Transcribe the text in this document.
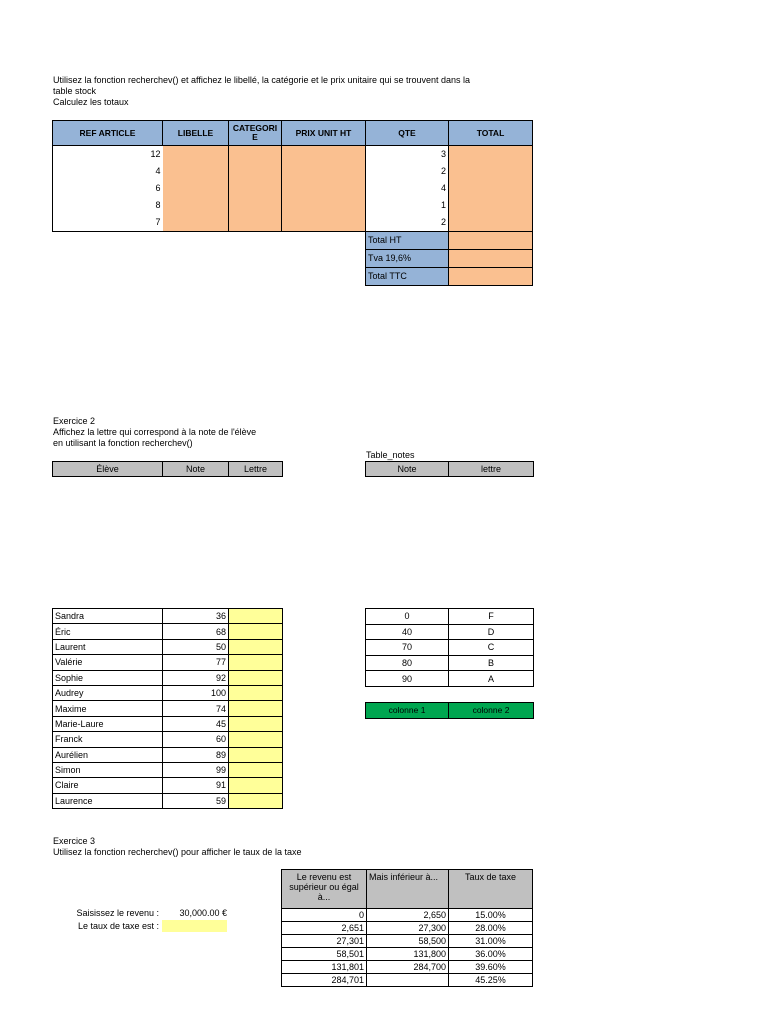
Utilisez la fonction recherchev() et affichez le libellé, la catégorie et le prix unitaire qui se trouvent dans la
table stock
Calculez les totaux
REF ARTICLE	LIBELLE	CATEGORIE	PRIX UNIT HT	QTE	TOTAL
12				3	
4				2	
6				4	
8				1	
7				2	
				Total HT	
				Tva 19,6%	
				Total TTC	
Exercice 2
Affichez la lettre qui correspond à la note de l'élève
en utilisant la fonction recherchev()
Table_notes
Élève	Note	Lettre	Note	lettre
Sandra	36	
Éric	68	
Laurent	50	
Valérie	77	
Sophie	92	
Audrey	100	
Maxime	74	
Marie-Laure	45	
Franck	60	
Aurélien	89	
Simon	99	
Claire	91	
Laurence	59	
0	F
40	D
70	C
80	B
90	A
colonne 1	colonne 2
Exercice 3
Utilisez la fonction recherchev() pour afficher le taux de la taxe
Saisissez le revenu :	30,000.00 €
Le taux de taxe est :
Le revenu est supérieur ou égal à...	Mais inférieur à...	Taux de taxe
0	2,650	15.00%
2,651	27,300	28.00%
27,301	58,500	31.00%
58,501	131,800	36.00%
131,801	284,700	39.60%
284,701		45.25%
